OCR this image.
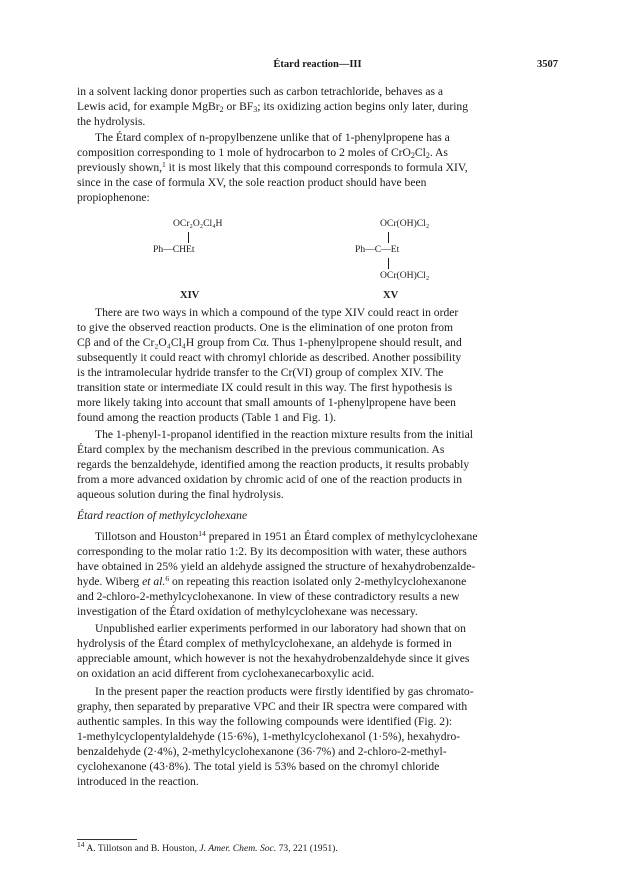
Étard reaction—III	3507

in a solvent lacking donor properties such as carbon tetrachloride, behaves as a

Lewis acid, for example MgBr$_2$ or $BF_3$; its oxidizing action begins only later, during

the hydrolysis.

The Étard complex of n-propylbenzene unlike that of 1-phenylpropene has a

composition corresponding to 1 mole of hydrocarbon to 2 moles of $CrO_2Cl_2$. As

previously shown,$^1$ it is most likely that this compound corresponds to formula XIV,

since in the case of formula XV, the sole reaction product should have been

propiophenone:

OCr₂O₂Cl₄H
Ph—CHEt
XIV
OCr(OH)Cl₂
Ph—C—Et
OCr(OH)Cl₂
XV

There are two ways in which a compound of the type XIV could react in order

to give the observed reaction products. One is the elimination of one proton from

Cβ and of the Cr₂O₄Cl₄H group from Cα. Thus 1-phenylpropene should result, and

subsequently it could react with chromyl chloride as described. Another possibility

is the intramolecular hydride transfer to the Cr(VI) group of complex XIV. The

transition state or intermediate IX could result in this way. The first hypothesis is

more likely taking into account that small amounts of 1-phenylpropene have been

found among the reaction products (Table 1 and Fig. 1).

The 1-phenyl-1-propanol identified in the reaction mixture results from the initial

Étard complex by the mechanism described in the previous communication. As

regards the benzaldehyde, identified among the reaction products, it results probably

from a more advanced oxidation by chromic acid of one of the reaction products in

aqueous solution during the final hydrolysis.

Étard reaction of methylcyclohexane

Tillotson and Houston$^{14}$ prepared in 1951 an Étard complex of methylcyclohexane

corresponding to the molar ratio 1:2. By its decomposition with water, these authors

have obtained in 25% yield an aldehyde assigned the structure of hexahydrobenzalde-

hyde. Wiberg et al.$^6$ on repeating this reaction isolated only 2-methylcyclohexanone

and 2-chloro-2-methylcyclohexanone. In view of these contradictory results a new

investigation of the Étard oxidation of methylcyclohexane was necessary.

Unpublished earlier experiments performed in our laboratory had shown that on

hydrolysis of the Étard complex of methylcyclohexane, an aldehyde is formed in

appreciable amount, which however is not the hexahydrobenzaldehyde since it gives

on oxidation an acid different from cyclohexanecarboxylic acid.

In the present paper the reaction products were firstly identified by gas chromato-

graphy, then separated by preparative VPC and their IR spectra were compared with

authentic samples. In this way the following compounds were identified (Fig. 2):

1-methylcyclopentylaldehyde (15·6%), 1-methylcyclohexanol (1·5%), hexahydro-

benzaldehyde (2·4%), 2-methylcyclohexanone (36·7%) and 2-chloro-2-methyl-

cyclohexanone (43·8%). The total yield is 53% based on the chromyl chloride

introduced in the reaction.

$^{14}$ A. Tillotson and B. Houston, J. Amer. Chem. Soc. 73, 221 (1951).
